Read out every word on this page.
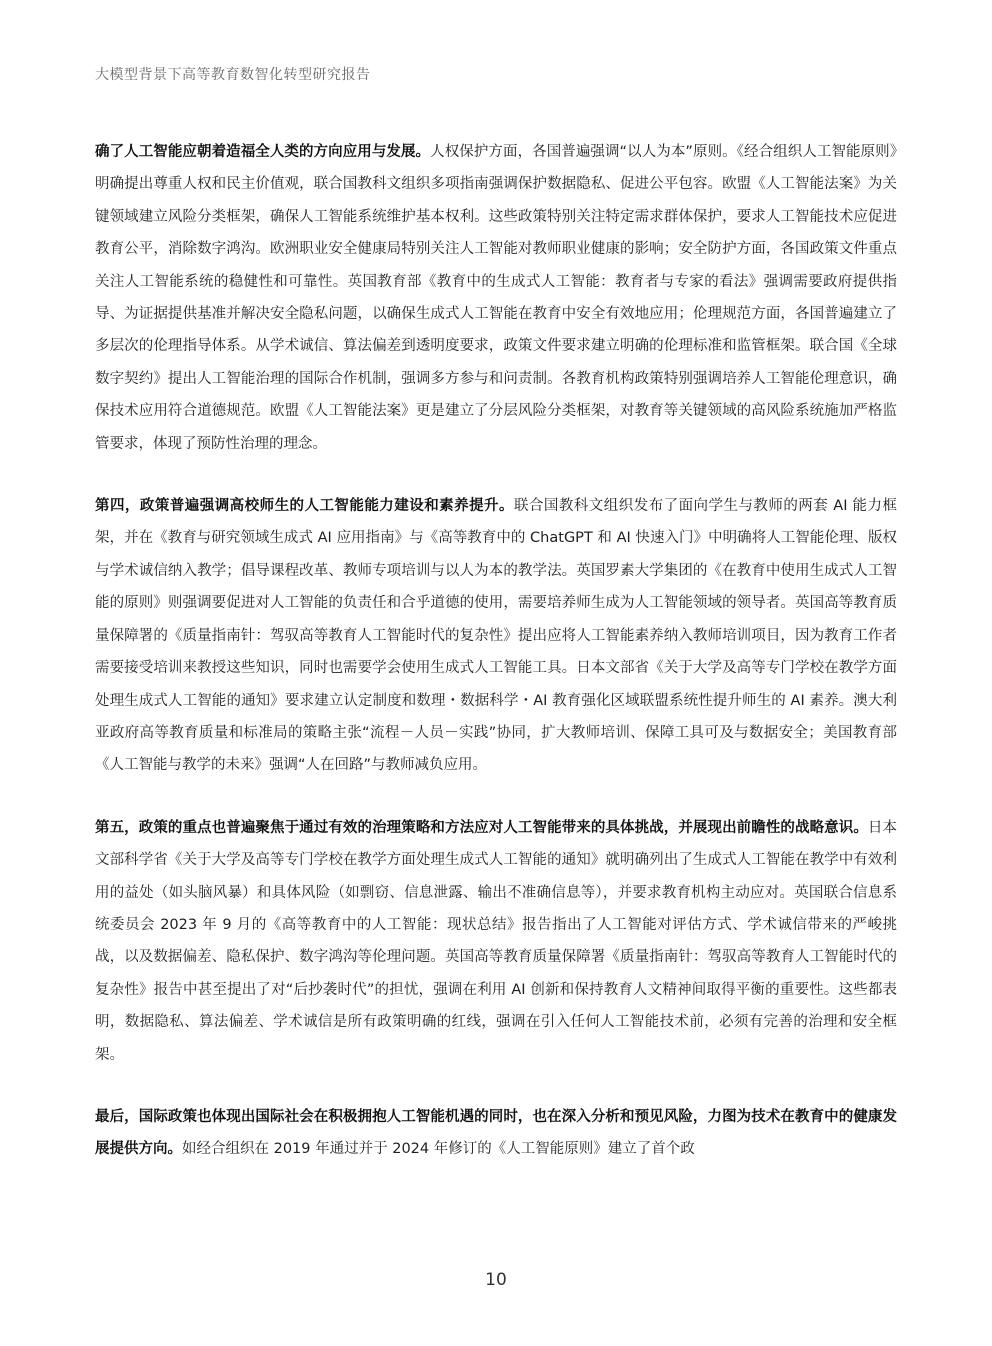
大模型背景下高等教育数智化转型研究报告

确了人工智能应朝着造福全人类的方向应用与发展。人权保护方面，各国普遍强调“以人为本”原则。《经合组织人工智能原则》明确提出尊重人权和民主价值观，联合国教科文组织多项指南强调保护数据隐私、促进公平包容。欧盟《人工智能法案》为关键领域建立风险分类框架，确保人工智能系统维护基本权利。这些政策特别关注特定需求群体保护，要求人工智能技术应促进教育公平，消除数字鸿沟。欧洲职业安全健康局特别关注人工智能对教师职业健康的影响；安全防护方面，各国政策文件重点关注人工智能系统的稳健性和可靠性。英国教育部《教育中的生成式人工智能：教育者与专家的看法》强调需要政府提供指导、为证据提供基准并解决安全隐私问题，以确保生成式人工智能在教育中安全有效地应用；伦理规范方面，各国普遍建立了多层次的伦理指导体系。从学术诚信、算法偏差到透明度要求，政策文件要求建立明确的伦理标准和监管框架。联合国《全球数字契约》提出人工智能治理的国际合作机制，强调多方参与和问责制。各教育机构政策特别强调培养人工智能伦理意识，确保技术应用符合道德规范。欧盟《人工智能法案》更是建立了分层风险分类框架，对教育等关键领域的高风险系统施加严格监管要求，体现了预防性治理的理念。

第四，政策普遍强调高校师生的人工智能能力建设和素养提升。联合国教科文组织发布了面向学生与教师的两套 AI 能力框架，并在《教育与研究领域生成式 AI 应用指南》与《高等教育中的 ChatGPT 和 AI 快速入门》中明确将人工智能伦理、版权与学术诚信纳入教学；倡导课程改革、教师专项培训与以人为本的教学法。英国罗素大学集团的《在教育中使用生成式人工智能的原则》则强调要促进对人工智能的负责任和合乎道德的使用，需要培养师生成为人工智能领域的领导者。英国高等教育质量保障署的《质量指南针：驾驭高等教育人工智能时代的复杂性》提出应将人工智能素养纳入教师培训项目，因为教育工作者需要接受培训来教授这些知识，同时也需要学会使用生成式人工智能工具。日本文部省《关于大学及高等专门学校在教学方面处理生成式人工智能的通知》要求建立认定制度和数理・数据科学・AI 教育强化区域联盟系统性提升师生的 AI 素养。澳大利亚政府高等教育质量和标准局的策略主张“流程－人员－实践”协同，扩大教师培训、保障工具可及与数据安全；美国教育部《人工智能与教学的未来》强调“人在回路”与教师减负应用。

第五，政策的重点也普遍聚焦于通过有效的治理策略和方法应对人工智能带来的具体挑战，并展现出前瞻性的战略意识。日本文部科学省《关于大学及高等专门学校在教学方面处理生成式人工智能的通知》就明确列出了生成式人工智能在教学中有效利用的益处（如头脑风暴）和具体风险（如剽窃、信息泄露、输出不准确信息等），并要求教育机构主动应对。英国联合信息系统委员会 2023 年 9 月的《高等教育中的人工智能：现状总结》报告指出了人工智能对评估方式、学术诚信带来的严峻挑战，以及数据偏差、隐私保护、数字鸿沟等伦理问题。英国高等教育质量保障署《质量指南针：驾驭高等教育人工智能时代的复杂性》报告中甚至提出了对“后抄袭时代”的担忧，强调在利用 AI 创新和保持教育人文精神间取得平衡的重要性。这些都表明，数据隐私、算法偏差、学术诚信是所有政策明确的红线，强调在引入任何人工智能技术前，必须有完善的治理和安全框架。

最后，国际政策也体现出国际社会在积极拥抱人工智能机遇的同时，也在深入分析和预见风险，力图为技术在教育中的健康发展提供方向。如经合组织在 2019 年通过并于 2024 年修订的《人工智能原则》建立了首个政

10
